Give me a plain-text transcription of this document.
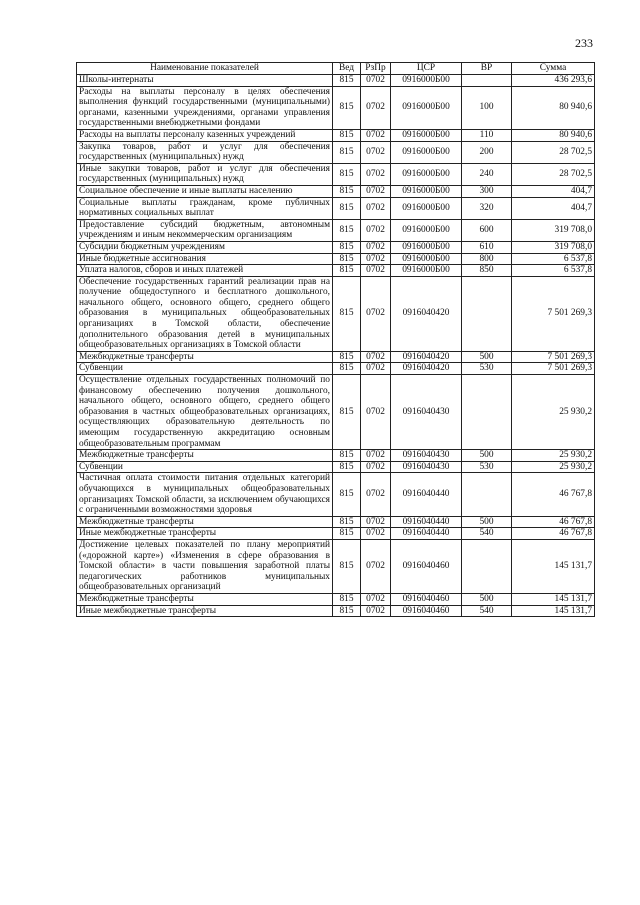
233
Наименование показателей	Вед	РзПр	ЦСР	ВР	Сумма
Школы-интернаты	815	0702	0916000Б00		436 293,6
Расходы на выплаты персоналу в целях обеспечения выполнения функций государственными (муниципальными) органами, казенными учреждениями, органами управления государственными внебюджетными фондами	815	0702	0916000Б00	100	80 940,6
Расходы на выплаты персоналу казенных учреждений	815	0702	0916000Б00	110	80 940,6
Закупка товаров, работ и услуг для обеспечения государственных (муниципальных) нужд	815	0702	0916000Б00	200	28 702,5
Иные закупки товаров, работ и услуг для обеспечения государственных (муниципальных) нужд	815	0702	0916000Б00	240	28 702,5
Социальное обеспечение и иные выплаты населению	815	0702	0916000Б00	300	404,7
Социальные выплаты гражданам, кроме публичных нормативных социальных выплат	815	0702	0916000Б00	320	404,7
Предоставление субсидий бюджетным, автономным учреждениям и иным некоммерческим организациям	815	0702	0916000Б00	600	319 708,0
Субсидии бюджетным учреждениям	815	0702	0916000Б00	610	319 708,0
Иные бюджетные ассигнования	815	0702	0916000Б00	800	6 537,8
Уплата налогов, сборов и иных платежей	815	0702	0916000Б00	850	6 537,8
Обеспечение государственных гарантий реализации прав на получение общедоступного и бесплатного дошкольного, начального общего, основного общего, среднего общего образования в муниципальных общеобразовательных организациях в Томской области, обеспечение дополнительного образования детей в муниципальных общеобразовательных организациях в Томской области	815	0702	0916040420		7 501 269,3
Межбюджетные трансферты	815	0702	0916040420	500	7 501 269,3
Субвенции	815	0702	0916040420	530	7 501 269,3
Осуществление отдельных государственных полномочий по финансовому обеспечению получения дошкольного, начального общего, основного общего, среднего общего образования в частных общеобразовательных организациях, осуществляющих образовательную деятельность по имеющим государственную аккредитацию основным общеобразовательным программам	815	0702	0916040430		25 930,2
Межбюджетные трансферты	815	0702	0916040430	500	25 930,2
Субвенции	815	0702	0916040430	530	25 930,2
Частичная оплата стоимости питания отдельных категорий обучающихся в муниципальных общеобразовательных организациях Томской области, за исключением обучающихся с ограниченными возможностями здоровья	815	0702	0916040440		46 767,8
Межбюджетные трансферты	815	0702	0916040440	500	46 767,8
Иные межбюджетные трансферты	815	0702	0916040440	540	46 767,8
Достижение целевых показателей по плану мероприятий («дорожной карте») «Изменения в сфере образования в Томской области» в части повышения заработной платы педагогических работников муниципальных общеобразовательных организаций	815	0702	0916040460		145 131,7
Межбюджетные трансферты	815	0702	0916040460	500	145 131,7
Иные межбюджетные трансферты	815	0702	0916040460	540	145 131,7
